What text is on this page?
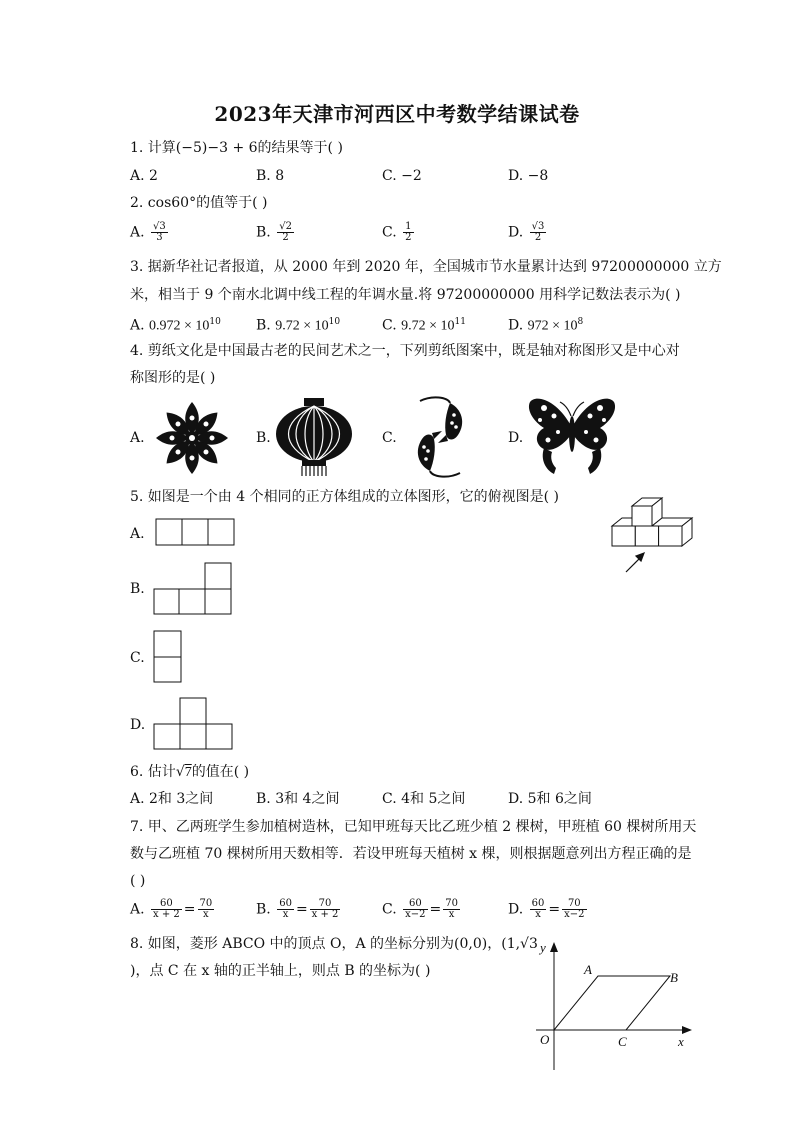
2023年天津市河西区中考数学结课试卷
1. 计算(−5)−3 + 6的结果等于( )
A. 2	B. 8	C. −2	D. −8
2. cos60°的值等于( )
A. $\frac{√3}{3}$	B. $\frac{√2}{2}$	C. $\frac{1}{2}$	D. $\frac{√3}{2}$
3. 据新华社记者报道，从 2000 年到 2020 年，全国城市节水量累计达到 97200000000 立方
米，相当于 9 个南水北调中线工程的年调水量.将 97200000000 用科学记数法表示为( )
A. $0.972 \times 10^{10}$	B. $9.72 \times 10^{10}$	C. $9.72 \times 10^{11}$	D. $972 \times 10^8$
4. 剪纸文化是中国最古老的民间艺术之一，下列剪纸图案中，既是轴对称图形又是中心对
称图形的是( )
A.	B.	C.	D.
5. 如图是一个由 4 个相同的正方体组成的立体图形，它的俯视图是( )
A.
B.
C.
D.
6. 估计√7的值在( )
A. 2和 3之间	B. 3和 4之间	C. 4和 5之间	D. 5和 6之间
7. 甲、乙两班学生参加植树造林，已知甲班每天比乙班少植 2 棵树，甲班植 60 棵树所用天
数与乙班植 70 棵树所用天数相等．若设甲班每天植树 x 棵，则根据题意列出方程正确的是
( )
A. $\frac{60}{x + 2} = \frac{70}{x}$	B. $\frac{60}{x} = \frac{70}{x + 2}$	C. $\frac{60}{x-2} = \frac{70}{x}$	D. $\frac{60}{x} = \frac{70}{x-2}$
8. 如图，菱形 ABCO 中的顶点 O，A 的坐标分别为(0,0)，(1,√3
)，点 C 在 x 轴的正半轴上，则点 B 的坐标为( )
y
x
O
A
B
C
